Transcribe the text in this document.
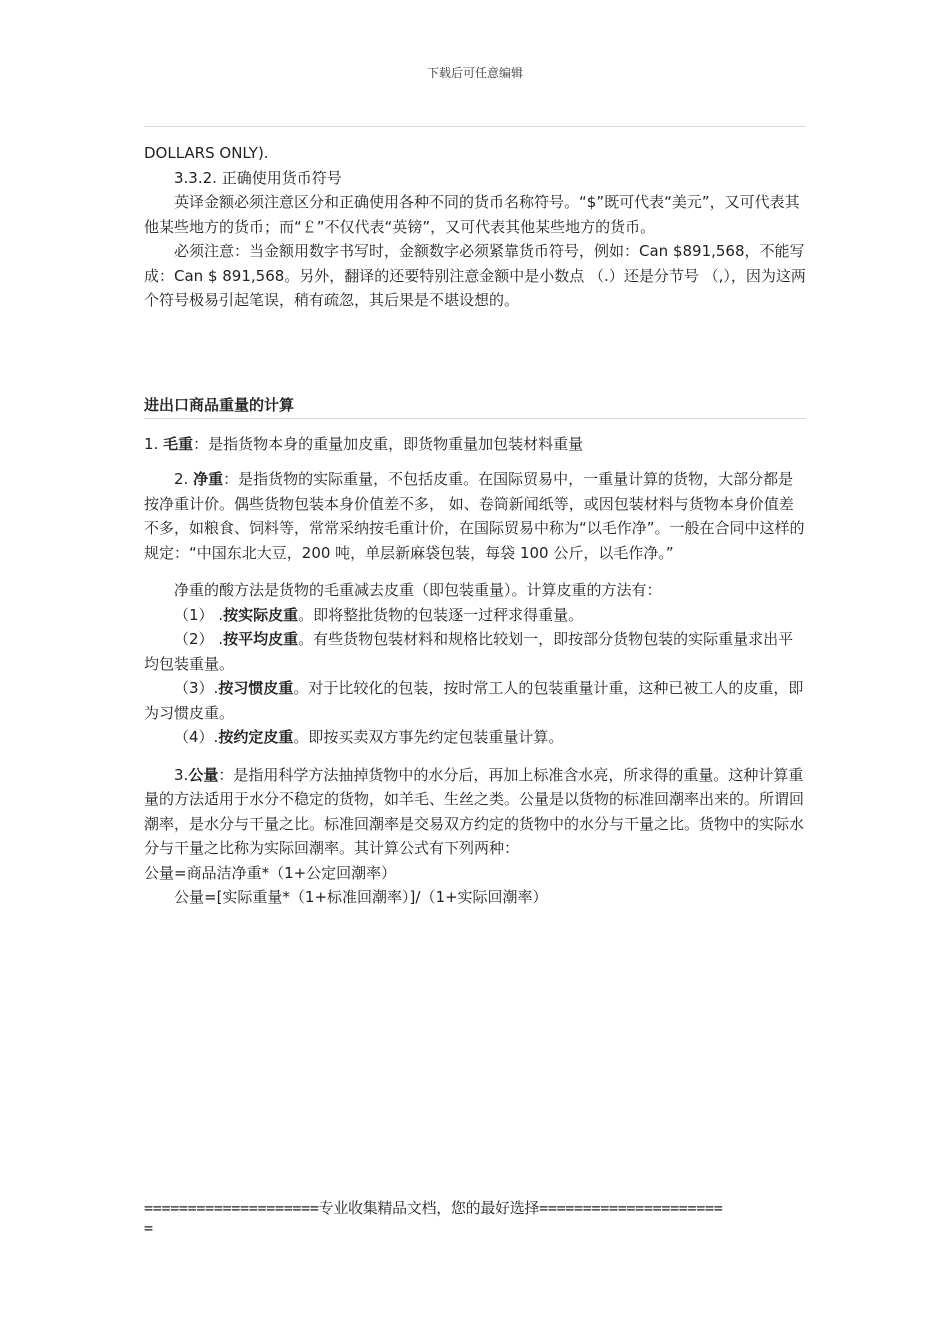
下载后可任意编辑

DOLLARS ONLY).

3.3.2. 正确使用货币符号

英译金额必须注意区分和正确使用各种不同的货币名称符号。“$”既可代表“美元”，又可代表其他某些地方的货币；而“￡”不仅代表“英镑”，又可代表其他某些地方的货币。

必须注意：当金额用数字书写时，金额数字必须紧靠货币符号，例如：Can $891,568，不能写成：Can $ 891,568。另外，翻译的还要特别注意金额中是小数点 （.）还是分节号 （,），因为这两个符号极易引起笔误，稍有疏忽，其后果是不堪设想的。

进出口商品重量的计算

1. 毛重：是指货物本身的重量加皮重，即货物重量加包装材料重量

2. 净重：是指货物的实际重量，不包括皮重。在国际贸易中，一重量计算的货物，大部分都是按净重计价。偶些货物包装本身价值差不多， 如、卷筒新闻纸等，或因包装材料与货物本身价值差不多，如粮食、饲料等，常常采纳按毛重计价，在国际贸易中称为“以毛作净”。一般在合同中这样的规定：“中国东北大豆，200 吨，单层新麻袋包装，每袋 100 公斤，以毛作净。”

净重的酸方法是货物的毛重减去皮重（即包装重量）。计算皮重的方法有：

（1） .按实际皮重。即将整批货物的包装逐一过秤求得重量。

（2） .按平均皮重。有些货物包装材料和规格比较划一，即按部分货物包装的实际重量求出平均包装重量。

（3）.按习惯皮重。对于比较化的包装，按时常工人的包装重量计重，这种已被工人的皮重，即为习惯皮重。

（4）.按约定皮重。即按买卖双方事先约定包装重量计算。

3.公量：是指用科学方法抽掉货物中的水分后，再加上标准含水亮，所求得的重量。这种计算重量的方法适用于水分不稳定的货物，如羊毛、生丝之类。公量是以货物的标准回潮率出来的。所谓回潮率，是水分与干量之比。标准回潮率是交易双方约定的货物中的水分与干量之比。货物中的实际水分与干量之比称为实际回潮率。其计算公式有下列两种：

公量=商品洁净重*（1+公定回潮率）

公量=[实际重量*（1+标准回潮率）]/（1+实际回潮率）

====================专业收集精品文档，您的最好选择=====================
=
